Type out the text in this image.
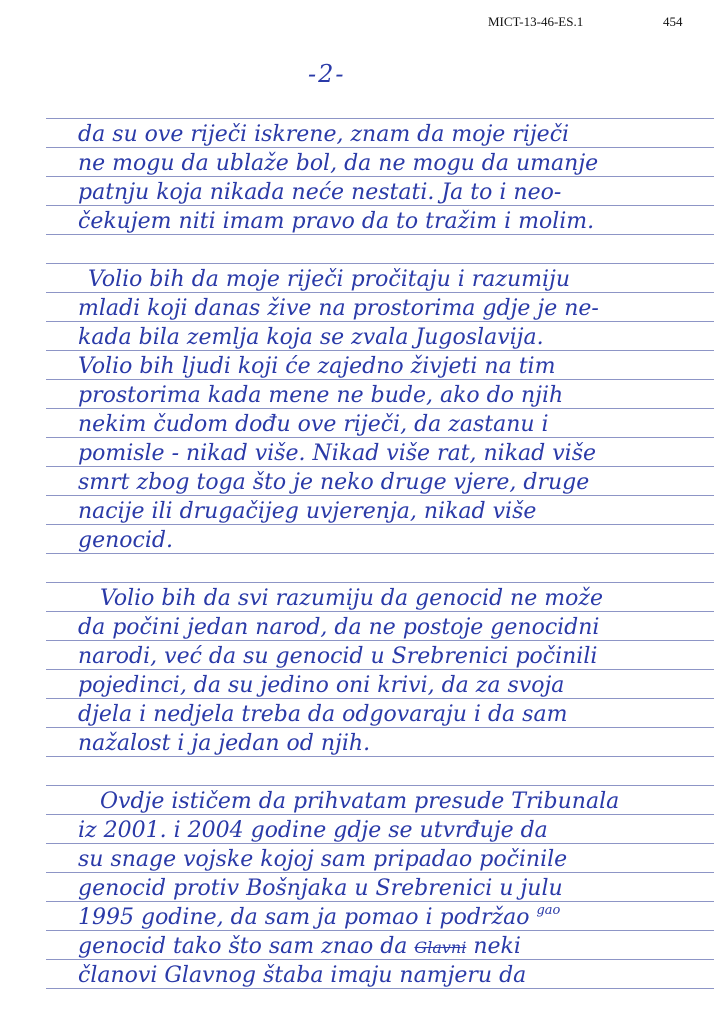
MICT-13-46-ES.1	454
-2-
da su ove riječi iskrene, znam da moje riječi
ne mogu da ublaže bol, da ne mogu da umanje
patnju koja nikada neće nestati. Ja to i neo-
čekujem niti imam pravo da to tražim i molim.
Volio bih da moje riječi pročitaju i razumiju
mladi koji danas žive na prostorima gdje je ne-
kada bila zemlja koja se zvala Jugoslavija.
Volio bih ljudi koji će zajedno živjeti na tim
prostorima kada mene ne bude, ako do njih
nekim čudom dođu ove riječi, da zastanu i
pomisle - nikad više. Nikad više rat, nikad više
smrt zbog toga što je neko druge vjere, druge
nacije ili drugačijeg uvjerenja, nikad više
genocid.
Volio bih da svi razumiju da genocid ne može
da počini jedan narod, da ne postoje genocidni
narodi, već da su genocid u Srebrenici počinili
pojedinci, da su jedino oni krivi, da za svoja
djela i nedjela treba da odgovaraju i da sam
nažalost i ja jedan od njih.
Ovdje ističem da prihvatam presude Tribunala
iz 2001. i 2004 godine gdje se utvrđuje da
su snage vojske kojoj sam pripadao počinile
genocid protiv Bošnjaka u Srebrenici u julu
1995 godine, da sam ja pomao i podržao $^{gao}$
genocid tako što sam znao da Glavni neki
članovi Glavnog štaba imaju namjeru da
